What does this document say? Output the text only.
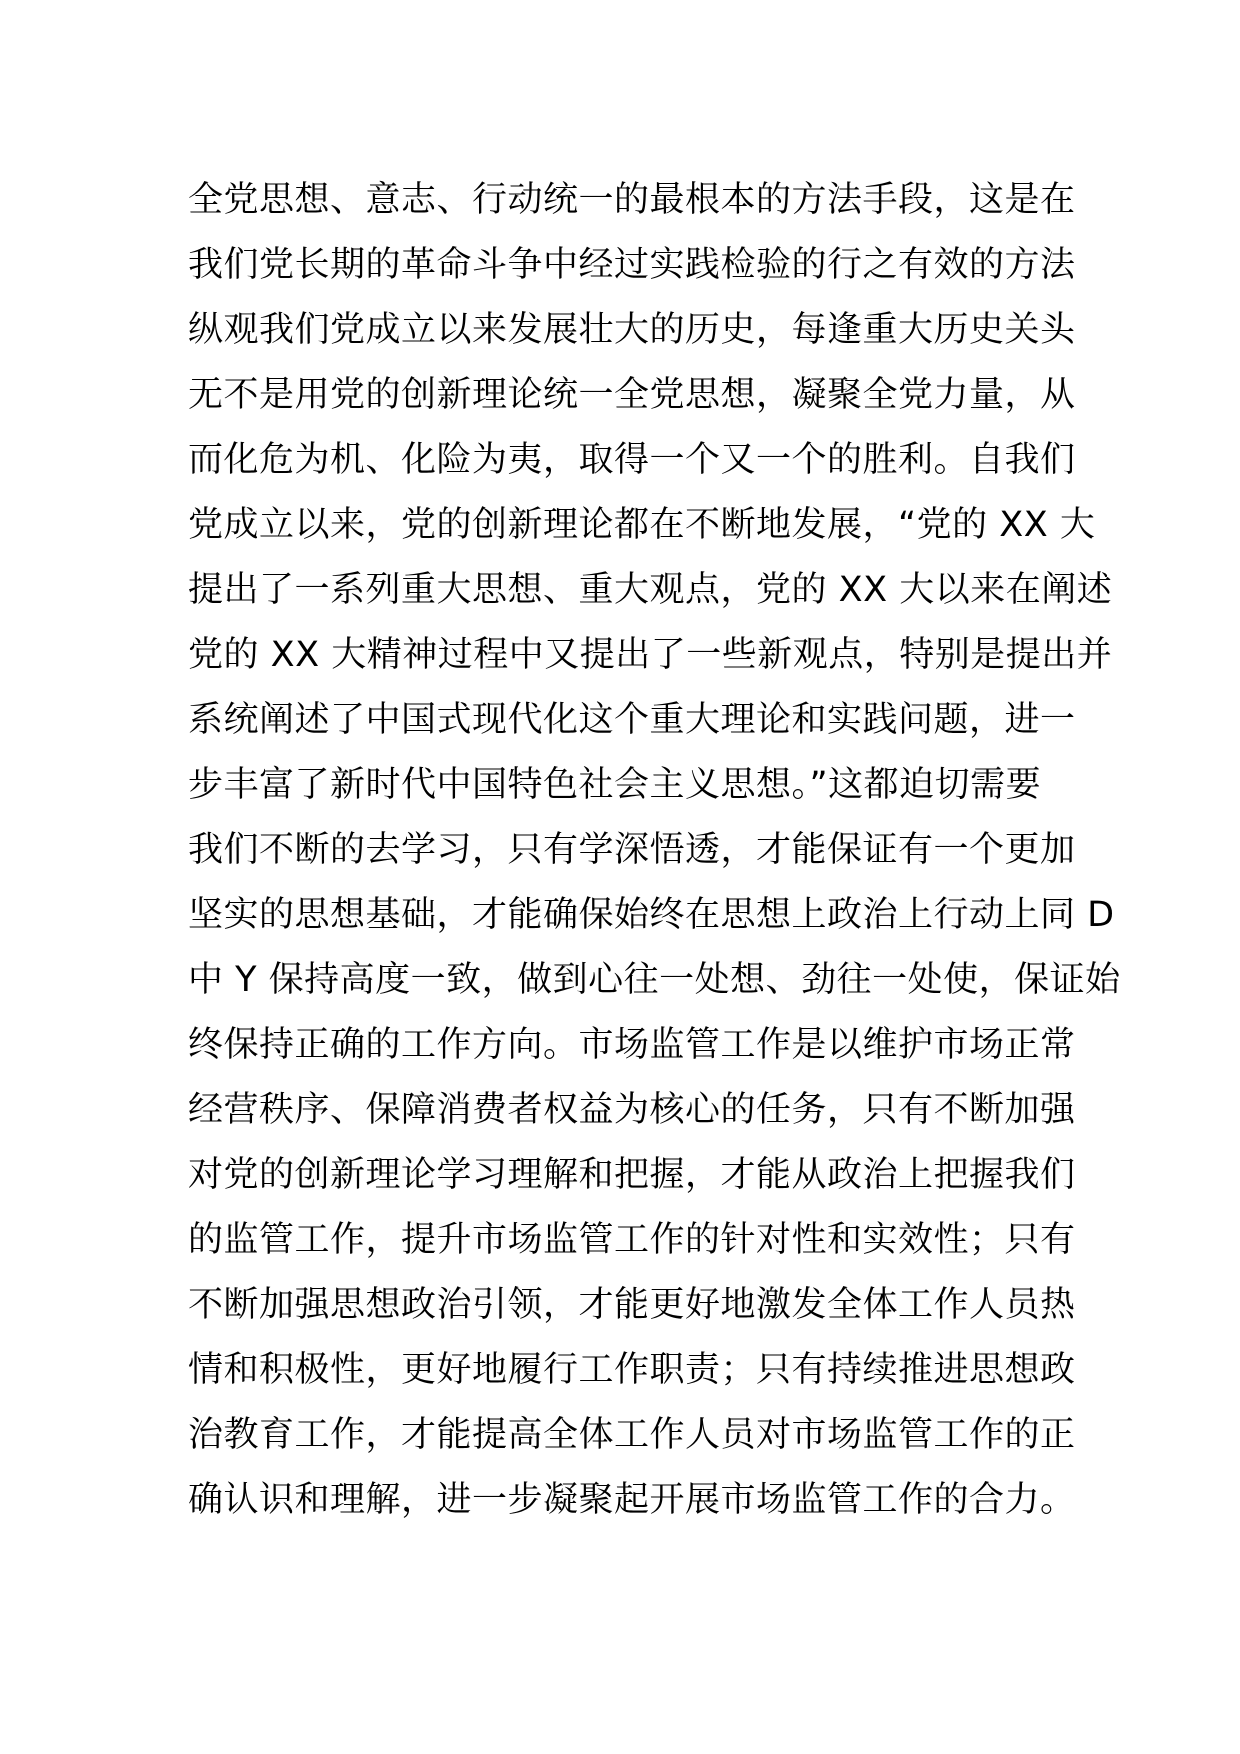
全党思想、意志、行动统一的最根本的方法手段，这是在
我们党长期的革命斗争中经过实践检验的行之有效的方法
纵观我们党成立以来发展壮大的历史，每逢重大历史关头
无不是用党的创新理论统一全党思想，凝聚全党力量，从
而化危为机、化险为夷，取得一个又一个的胜利。自我们
党成立以来，党的创新理论都在不断地发展，“党的 XX 大
提出了一系列重大思想、重大观点，党的 XX 大以来在阐述
党的 XX 大精神过程中又提出了一些新观点，特别是提出并
系统阐述了中国式现代化这个重大理论和实践问题，进一
步丰富了新时代中国特色社会主义思想。”这都迫切需要
我们不断的去学习，只有学深悟透，才能保证有一个更加
坚实的思想基础，才能确保始终在思想上政治上行动上同 D
中 Y 保持高度一致，做到心往一处想、劲往一处使，保证始
终保持正确的工作方向。市场监管工作是以维护市场正常
经营秩序、保障消费者权益为核心的任务，只有不断加强
对党的创新理论学习理解和把握，才能从政治上把握我们
的监管工作，提升市场监管工作的针对性和实效性；只有
不断加强思想政治引领，才能更好地激发全体工作人员热
情和积极性，更好地履行工作职责；只有持续推进思想政
治教育工作，才能提高全体工作人员对市场监管工作的正
确认识和理解，进一步凝聚起开展市场监管工作的合力。
